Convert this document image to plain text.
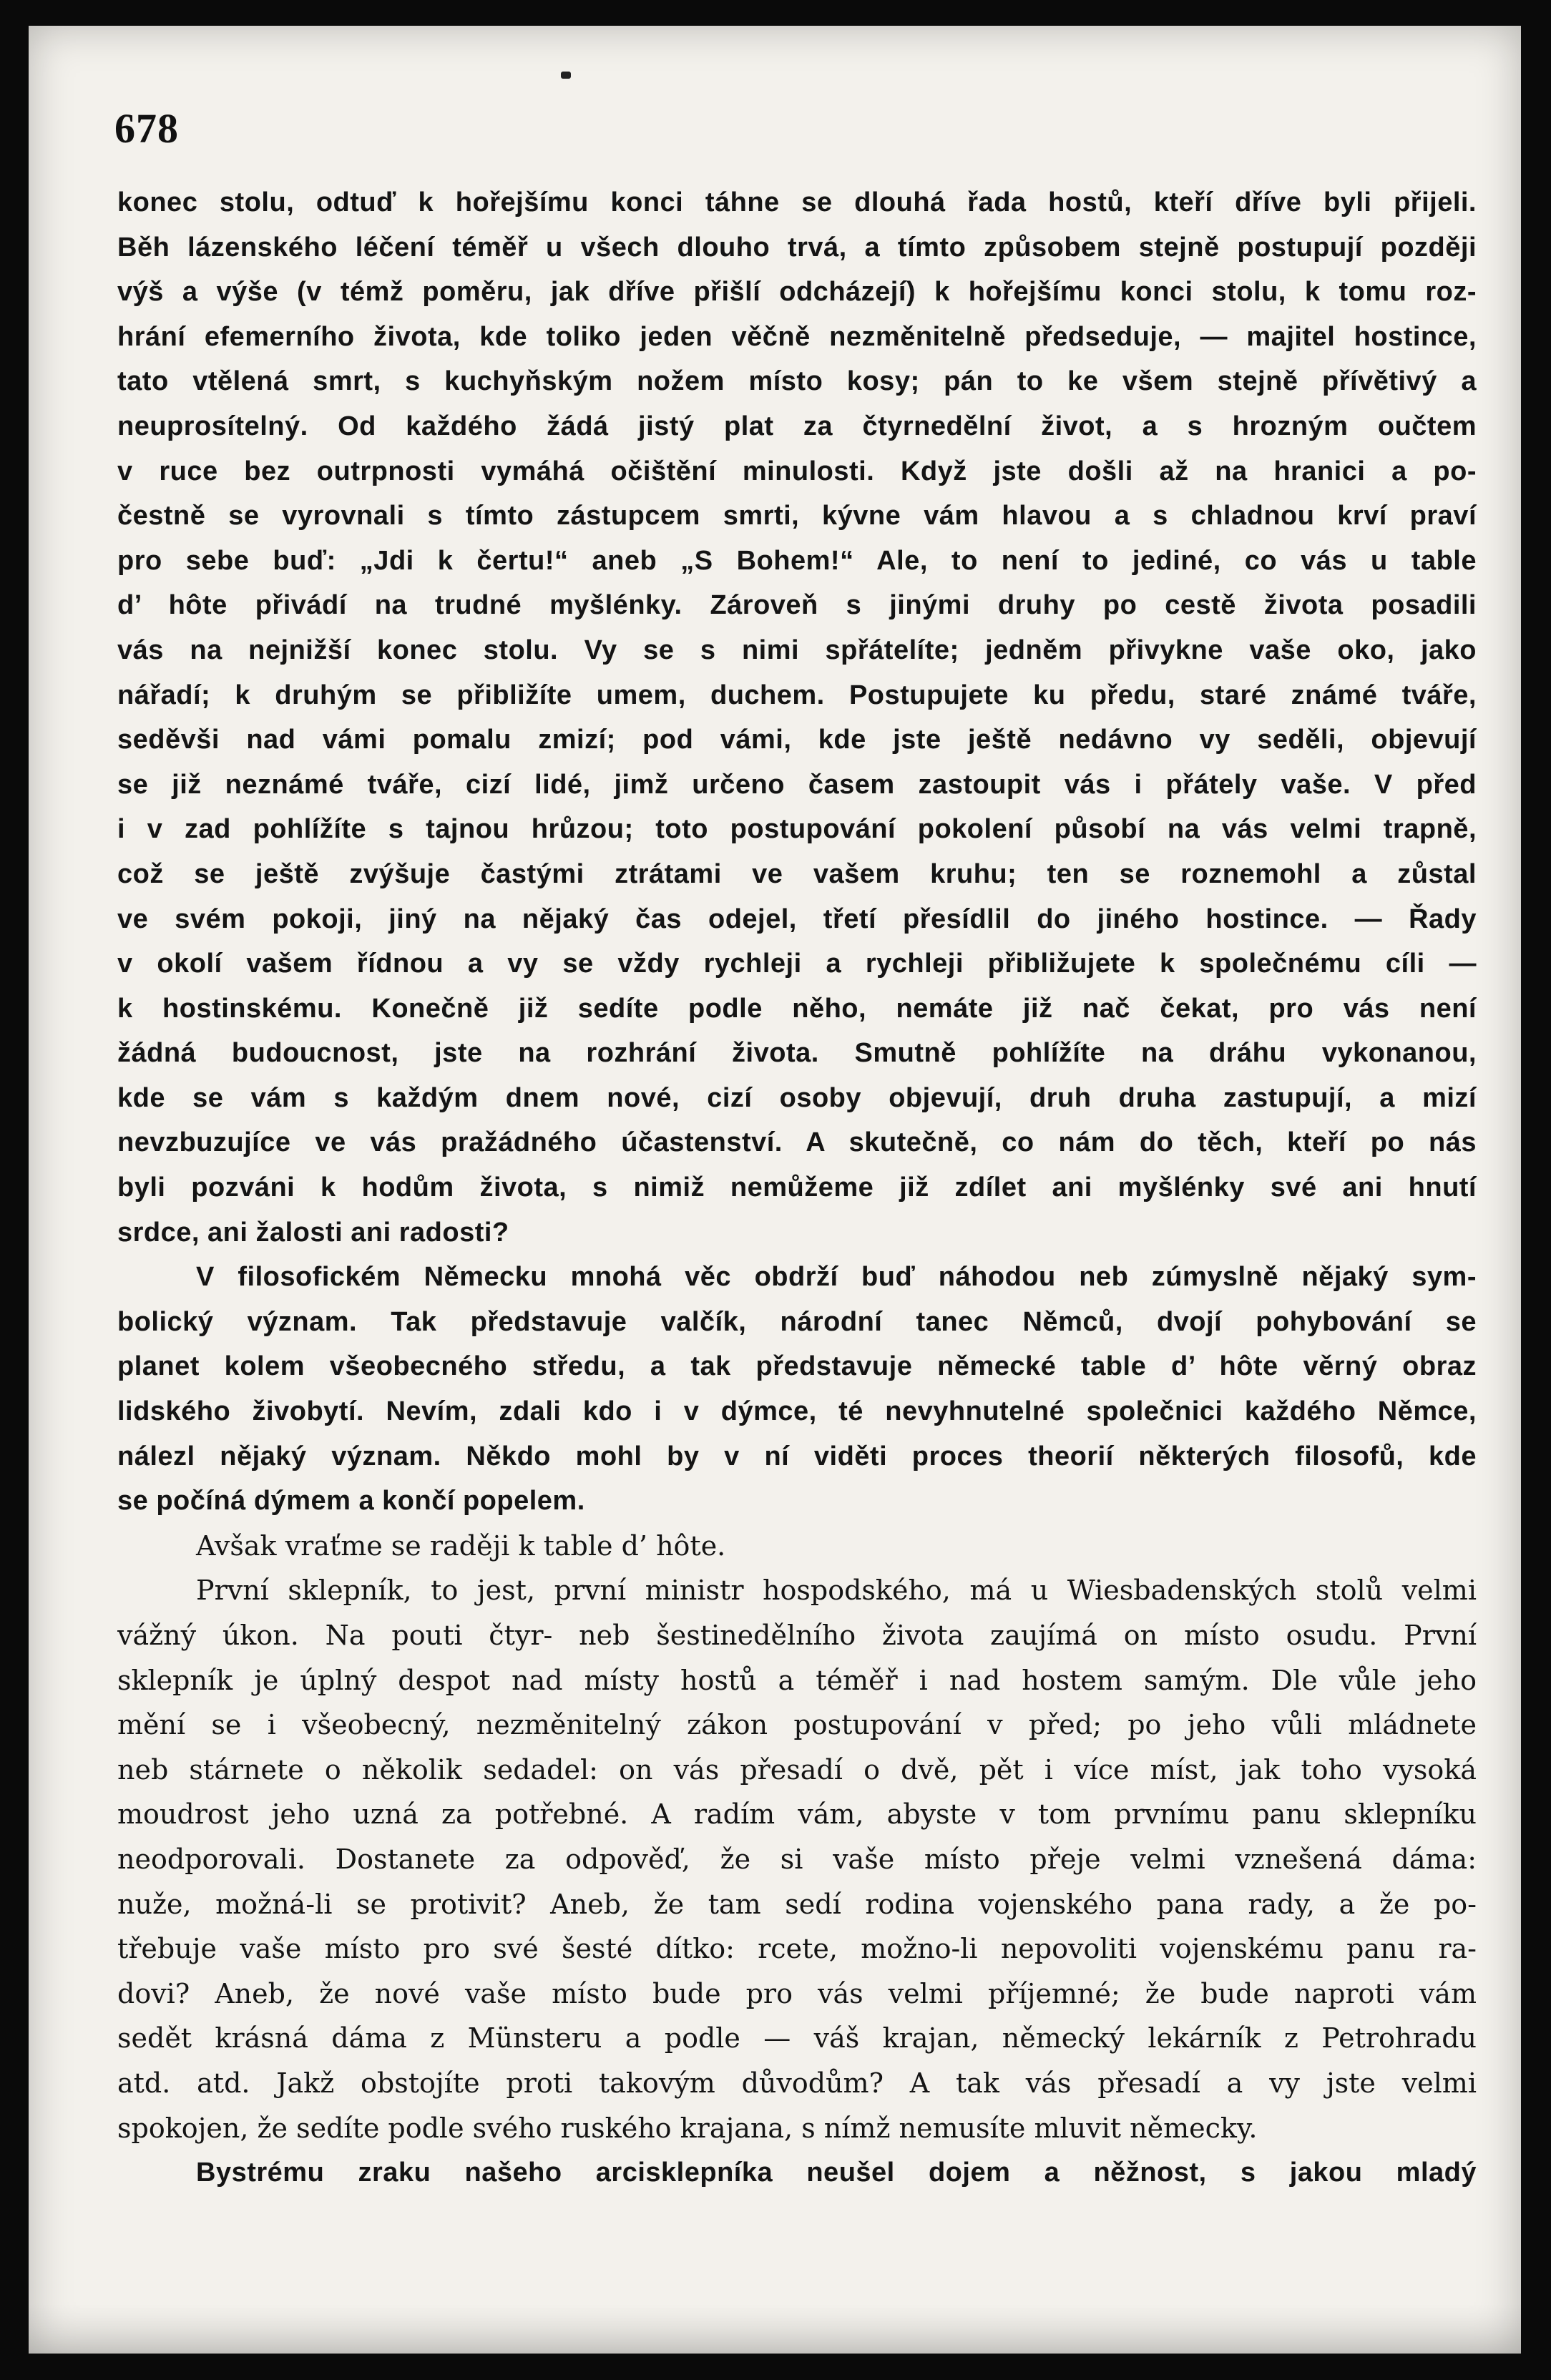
678
konec stolu, odtuď k hořejšímu konci táhne se dlouhá řada hostů, kteří dříve byli přijeli.
Běh lázenského léčení téměř u všech dlouho trvá, a tímto způsobem stejně postupují později
výš a výše (v témž poměru, jak dříve přišlí odcházejí) k hořejšímu konci stolu, k tomu roz-
hrání efemerního života, kde toliko jeden věčně nezměnitelně předseduje, — majitel hostince,
tato vtělená smrt, s kuchyňským nožem místo kosy; pán to ke všem stejně přívětivý a
neuprosítelný. Od každého žádá jistý plat za čtyrnedělní život, a s hrozným oučtem
v ruce bez outrpnosti vymáhá očištění minulosti. Když jste došli až na hranici a po-
čestně se vyrovnali s tímto zástupcem smrti, kývne vám hlavou a s chladnou krví praví
pro sebe buď: „Jdi k čertu!“ aneb „S Bohem!“ Ale, to není to jediné, co vás u table
d’ hôte přivádí na trudné myšlénky. Zároveň s jinými druhy po cestě života posadili
vás na nejnižší konec stolu. Vy se s nimi spřátelíte; jedněm přivykne vaše oko, jako
nářadí; k druhým se přibližíte umem, duchem. Postupujete ku předu, staré známé tváře,
seděvši nad vámi pomalu zmizí; pod vámi, kde jste ještě nedávno vy seděli, objevují
se již neznámé tváře, cizí lidé, jimž určeno časem zastoupit vás i přátely vaše. V před
i v zad pohlížíte s tajnou hrůzou; toto postupování pokolení působí na vás velmi trapně,
což se ještě zvýšuje častými ztrátami ve vašem kruhu; ten se roznemohl a zůstal
ve svém pokoji, jiný na nějaký čas odejel, třetí přesídlil do jiného hostince. — Řady
v okolí vašem řídnou a vy se vždy rychleji a rychleji přibližujete k společnému cíli —
k hostinskému. Konečně již sedíte podle něho, nemáte již nač čekat, pro vás není
žádná budoucnost, jste na rozhrání života. Smutně pohlížíte na dráhu vykonanou,
kde se vám s každým dnem nové, cizí osoby objevují, druh druha zastupují, a mizí
nevzbuzujíce ve vás pražádného účastenství. A skutečně, co nám do těch, kteří po nás
byli pozváni k hodům života, s nimiž nemůžeme již zdílet ani myšlénky své ani hnutí
srdce, ani žalosti ani radosti?
V filosofickém Německu mnohá věc obdrží buď náhodou neb zúmyslně nějaký sym-
bolický význam. Tak představuje valčík, národní tanec Němců, dvojí pohybování se
planet kolem všeobecného středu, a tak představuje německé table d’ hôte věrný obraz
lidského živobytí. Nevím, zdali kdo i v dýmce, té nevyhnutelné společnici každého Němce,
nálezl nějaký význam. Někdo mohl by v ní viděti proces theorií některých filosofů, kde
se počíná dýmem a končí popelem.
Avšak vraťme se raději k table d’ hôte.
První sklepník, to jest, první ministr hospodského, má u Wiesbadenských stolů velmi
vážný úkon. Na pouti čtyr- neb šestinedělního života zaujímá on místo osudu. První
sklepník je úplný despot nad místy hostů a téměř i nad hostem samým. Dle vůle jeho
mění se i všeobecný, nezměnitelný zákon postupování v před; po jeho vůli mládnete
neb stárnete o několik sedadel: on vás přesadí o dvě, pět i více míst, jak toho vysoká
moudrost jeho uzná za potřebné. A radím vám, abyste v tom prvnímu panu sklepníku
neodporovali. Dostanete za odpověď, že si vaše místo přeje velmi vznešená dáma:
nuže, možná-li se protivit? Aneb, že tam sedí rodina vojenského pana rady, a že po-
třebuje vaše místo pro své šesté dítko: rcete, možno-li nepovoliti vojenskému panu ra-
dovi? Aneb, že nové vaše místo bude pro vás velmi příjemné; že bude naproti vám
sedět krásná dáma z Münsteru a podle — váš krajan, německý lekárník z Petrohradu
atd. atd. Jakž obstojíte proti takovým důvodům? A tak vás přesadí a vy jste velmi
spokojen, že sedíte podle svého ruského krajana, s nímž nemusíte mluvit německy.
Bystrému zraku našeho arcisklepníka neušel dojem a něžnost, s jakou mladý
